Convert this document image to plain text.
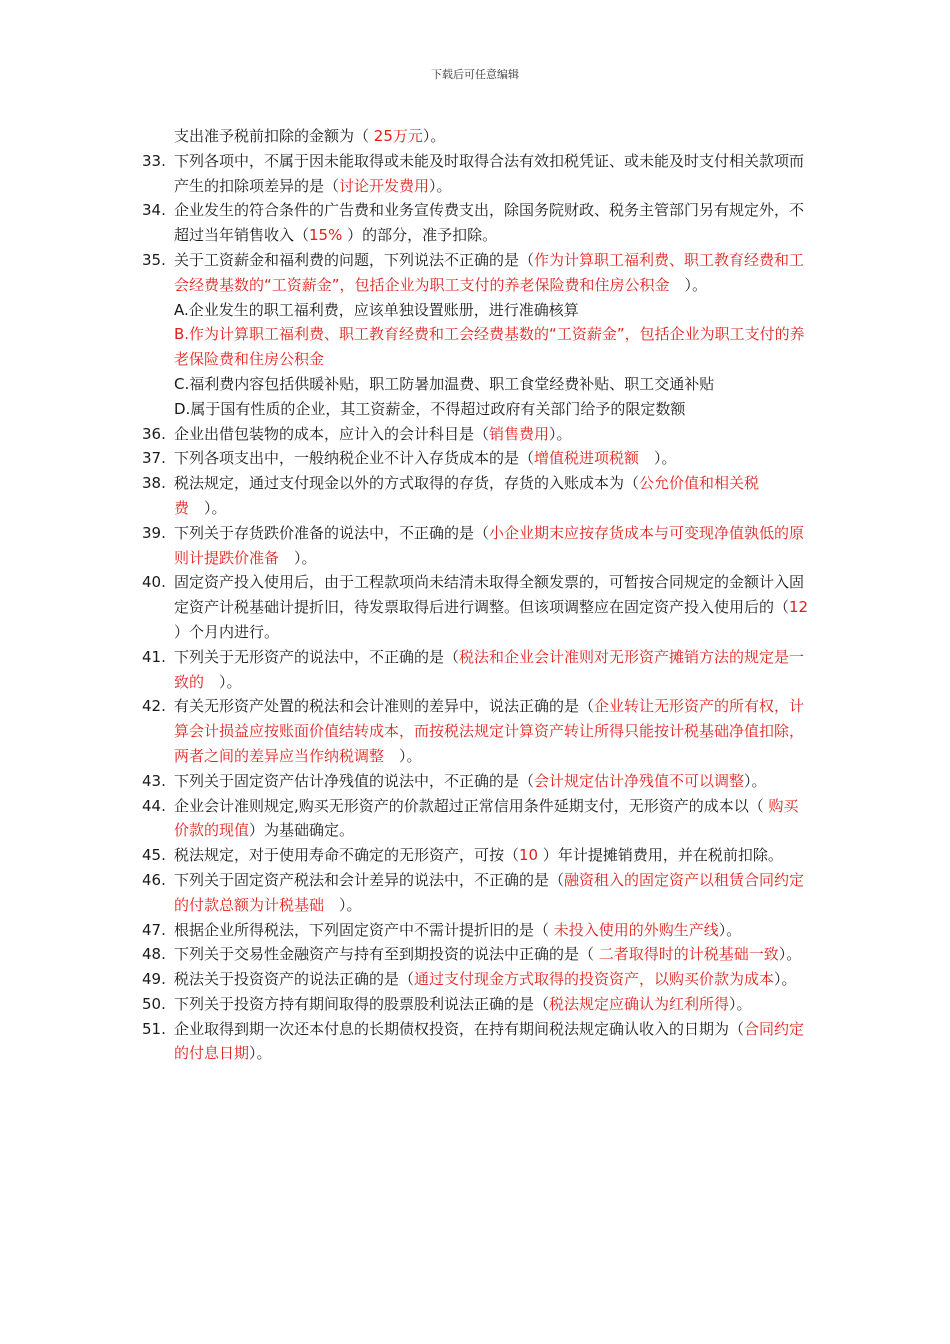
下载后可任意编辑

支出准予税前扣除的金额为（ 25万元）。

33. 下列各项中，不属于因未能取得或未能及时取得合法有效扣税凭证、或未能及时支付相关款项而产生的扣除项差异的是（讨论开发费用）。

34. 企业发生的符合条件的广告费和业务宣传费支出，除国务院财政、税务主管部门另有规定外，不超过当年销售收入（15% ）的部分，准予扣除。

35. 关于工资薪金和福利费的问题，下列说法不正确的是（作为计算职工福利费、职工教育经费和工会经费基数的“工资薪金”，包括企业为职工支付的养老保险费和住房公积金　）。

A.企业发生的职工福利费，应该单独设置账册，进行准确核算

B.作为计算职工福利费、职工教育经费和工会经费基数的“工资薪金”，包括企业为职工支付的养老保险费和住房公积金

C.福利费内容包括供暖补贴，职工防暑加温费、职工食堂经费补贴、职工交通补贴

D.属于国有性质的企业，其工资薪金，不得超过政府有关部门给予的限定数额

36. 企业出借包装物的成本，应计入的会计科目是（销售费用）。

37. 下列各项支出中，一般纳税企业不计入存货成本的是（增值税进项税额　）。

38. 税法规定，通过支付现金以外的方式取得的存货，存货的入账成本为（公允价值和相关税费　）。

39. 下列关于存货跌价准备的说法中，不正确的是（小企业期末应按存货成本与可变现净值孰低的原则计提跌价准备　）。

40. 固定资产投入使用后，由于工程款项尚未结清未取得全额发票的，可暂按合同规定的金额计入固定资产计税基础计提折旧，待发票取得后进行调整。但该项调整应在固定资产投入使用后的（12 ）个月内进行。

41. 下列关于无形资产的说法中，不正确的是（税法和企业会计准则对无形资产摊销方法的规定是一致的　）。

42. 有关无形资产处置的税法和会计准则的差异中，说法正确的是（企业转让无形资产的所有权，计算会计损益应按账面价值结转成本，而按税法规定计算资产转让所得只能按计税基础净值扣除，两者之间的差异应当作纳税调整　）。

43. 下列关于固定资产估计净残值的说法中，不正确的是（会计规定估计净残值不可以调整）。

44. 企业会计准则规定,购买无形资产的价款超过正常信用条件延期支付，无形资产的成本以（ 购买价款的现值）为基础确定。

45. 税法规定，对于使用寿命不确定的无形资产，可按（10 ）年计提摊销费用，并在税前扣除。

46. 下列关于固定资产税法和会计差异的说法中，不正确的是（融资租入的固定资产以租赁合同约定的付款总额为计税基础　）。

47. 根据企业所得税法，下列固定资产中不需计提折旧的是（ 未投入使用的外购生产线）。

48. 下列关于交易性金融资产与持有至到期投资的说法中正确的是（ 二者取得时的计税基础一致）。

49. 税法关于投资资产的说法正确的是（通过支付现金方式取得的投资资产，以购买价款为成本）。

50. 下列关于投资方持有期间取得的股票股利说法正确的是（税法规定应确认为红利所得）。

51. 企业取得到期一次还本付息的长期债权投资，在持有期间税法规定确认收入的日期为（合同约定的付息日期）。
